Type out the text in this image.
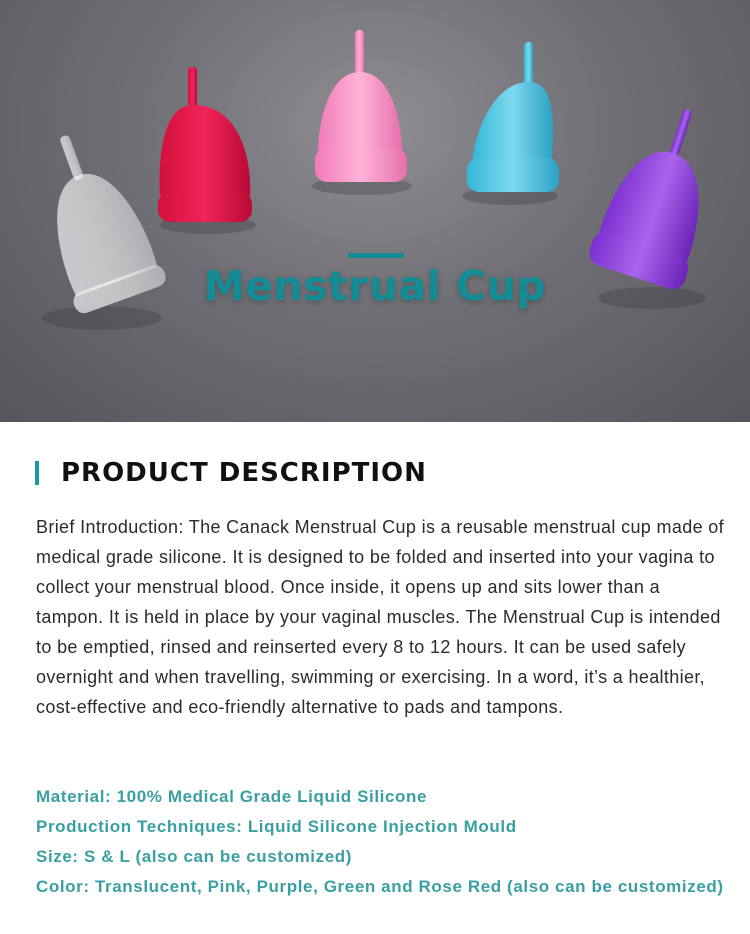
Menstrual Cup
PRODUCT DESCRIPTION

Brief Introduction: The Canack Menstrual Cup is a reusable menstrual cup made of medical grade silicone. It is designed to be folded and inserted into your vagina to collect your menstrual blood. Once inside, it opens up and sits lower than a tampon. It is held in place by your vaginal muscles. The Menstrual Cup is intended to be emptied, rinsed and reinserted every 8 to 12 hours. It can be used safely overnight and when travelling, swimming or exercising. In a word, it’s a healthier, cost-effective and eco-friendly alternative to pads and tampons.

Material: 100% Medical Grade Liquid Silicone
Production Techniques: Liquid Silicone Injection Mould
Size: S & L (also can be customized)
Color: Translucent, Pink, Purple, Green and Rose Red (also can be customized)
